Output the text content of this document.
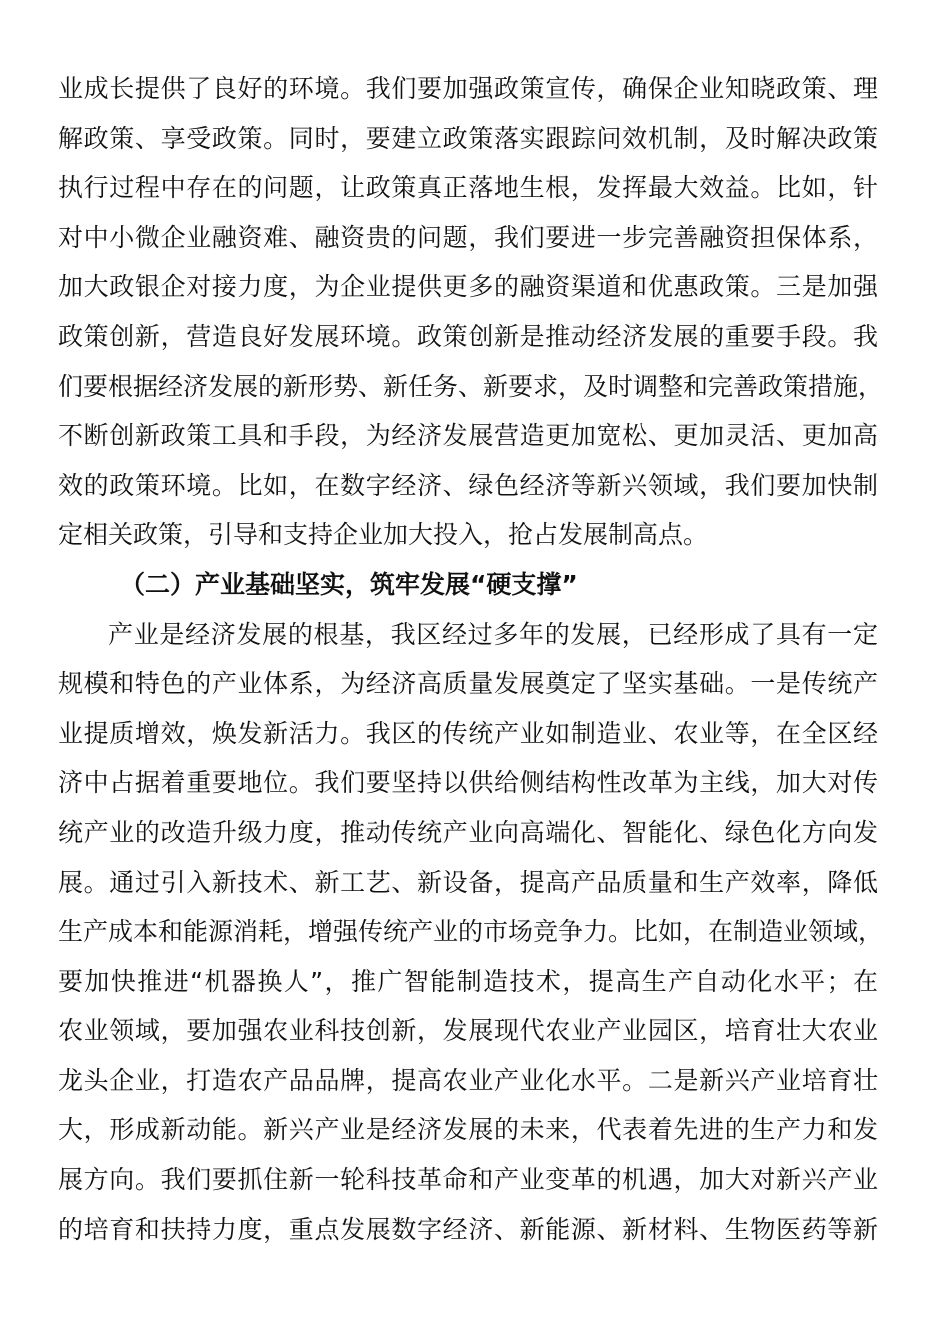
业成长提供了良好的环境。我们要加强政策宣传，确保企业知晓政策、理
解政策、享受政策。同时，要建立政策落实跟踪问效机制，及时解决政策
执行过程中存在的问题，让政策真正落地生根，发挥最大效益。比如，针
对中小微企业融资难、融资贵的问题，我们要进一步完善融资担保体系，
加大政银企对接力度，为企业提供更多的融资渠道和优惠政策。三是加强
政策创新，营造良好发展环境。政策创新是推动经济发展的重要手段。我
们要根据经济发展的新形势、新任务、新要求，及时调整和完善政策措施，
不断创新政策工具和手段，为经济发展营造更加宽松、更加灵活、更加高
效的政策环境。比如，在数字经济、绿色经济等新兴领域，我们要加快制
定相关政策，引导和支持企业加大投入，抢占发展制高点。
（二）产业基础坚实，筑牢发展“硬支撑”
产业是经济发展的根基，我区经过多年的发展，已经形成了具有一定
规模和特色的产业体系，为经济高质量发展奠定了坚实基础。一是传统产
业提质增效，焕发新活力。我区的传统产业如制造业、农业等，在全区经
济中占据着重要地位。我们要坚持以供给侧结构性改革为主线，加大对传
统产业的改造升级力度，推动传统产业向高端化、智能化、绿色化方向发
展。通过引入新技术、新工艺、新设备，提高产品质量和生产效率，降低
生产成本和能源消耗，增强传统产业的市场竞争力。比如，在制造业领域，
要加快推进“机器换人”，推广智能制造技术，提高生产自动化水平；在
农业领域，要加强农业科技创新，发展现代农业产业园区，培育壮大农业
龙头企业，打造农产品品牌，提高农业产业化水平。二是新兴产业培育壮
大，形成新动能。新兴产业是经济发展的未来，代表着先进的生产力和发
展方向。我们要抓住新一轮科技革命和产业变革的机遇，加大对新兴产业
的培育和扶持力度，重点发展数字经济、新能源、新材料、生物医药等新
